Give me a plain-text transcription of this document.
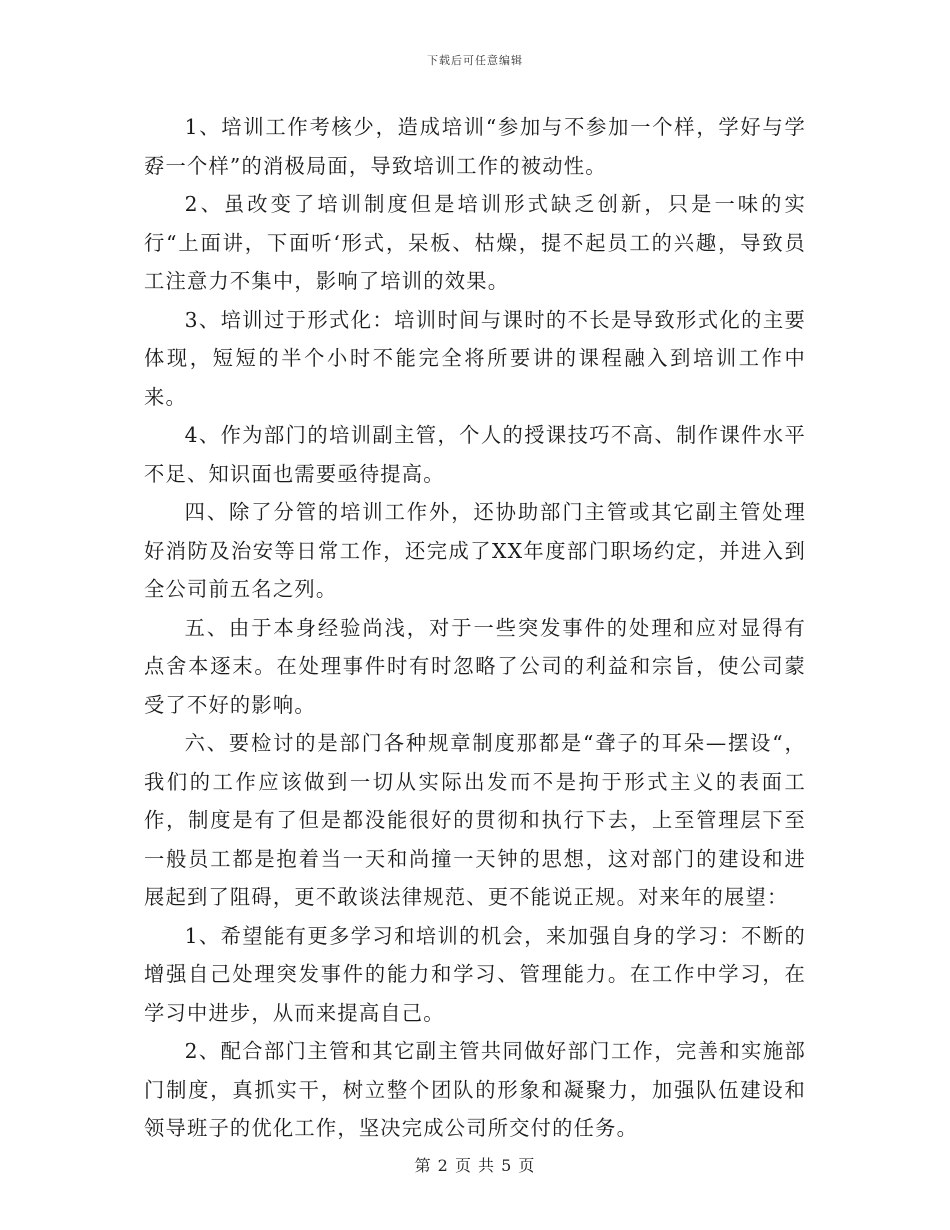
下载后可任意编辑

1、培训工作考核少，造成培训“参加与不参加一个样，学好与学孬一个样”的消极局面，导致培训工作的被动性。

2、虽改变了培训制度但是培训形式缺乏创新，只是一味的实行“上面讲，下面听‘形式，呆板、枯燥，提不起员工的兴趣，导致员工注意力不集中，影响了培训的效果。

3、培训过于形式化：培训时间与课时的不长是导致形式化的主要体现，短短的半个小时不能完全将所要讲的课程融入到培训工作中来。

4、作为部门的培训副主管，个人的授课技巧不高、制作课件水平不足、知识面也需要亟待提高。

四、除了分管的培训工作外，还协助部门主管或其它副主管处理好消防及治安等日常工作，还完成了XX年度部门职场约定，并进入到全公司前五名之列。

五、由于本身经验尚浅，对于一些突发事件的处理和应对显得有点舍本逐末。在处理事件时有时忽略了公司的利益和宗旨，使公司蒙受了不好的影响。

六、要检讨的是部门各种规章制度那都是“聋子的耳朵—摆设“，我们的工作应该做到一切从实际出发而不是拘于形式主义的表面工作，制度是有了但是都没能很好的贯彻和执行下去，上至管理层下至一般员工都是抱着当一天和尚撞一天钟的思想，这对部门的建设和进展起到了阻碍，更不敢谈法律规范、更不能说正规。对来年的展望：

1、希望能有更多学习和培训的机会，来加强自身的学习：不断的增强自己处理突发事件的能力和学习、管理能力。在工作中学习，在学习中进步，从而来提高自己。

2、配合部门主管和其它副主管共同做好部门工作，完善和实施部门制度，真抓实干，树立整个团队的形象和凝聚力，加强队伍建设和领导班子的优化工作，坚决完成公司所交付的任务。

第 2 页 共 5 页
